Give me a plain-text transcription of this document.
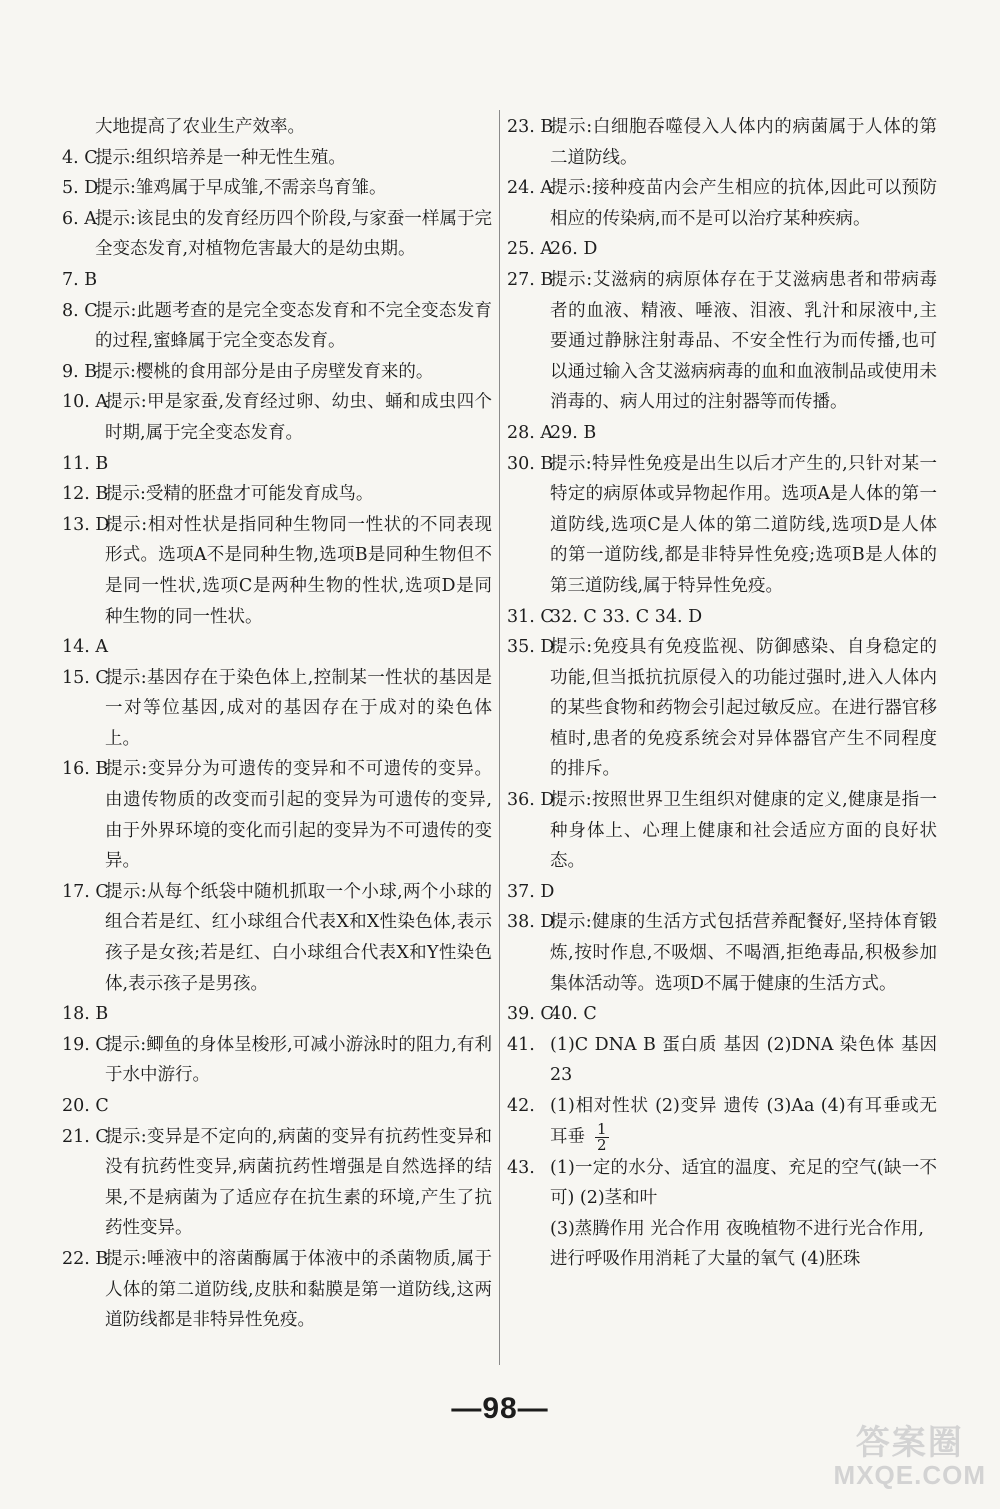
大地提高了农业生产效率。
4. C
提示:组织培养是一种无性生殖。
5. D
提示:雏鸡属于早成雏,不需亲鸟育雏。
6. A
提示:该昆虫的发育经历四个阶段,与家蚕一样属于完全变态发育,对植物危害最大的是幼虫期。
7. B
8. C
提示:此题考查的是完全变态发育和不完全变态发育的过程,蜜蜂属于完全变态发育。
9. B
提示:樱桃的食用部分是由子房壁发育来的。
10. A
提示:甲是家蚕,发育经过卵、幼虫、蛹和成虫四个时期,属于完全变态发育。
11. B
12. B
提示:受精的胚盘才可能发育成鸟。
13. D
提示:相对性状是指同种生物同一性状的不同表现形式。选项A不是同种生物,选项B是同种生物但不是同一性状,选项C是两种生物的性状,选项D是同种生物的同一性状。
14. A
15. C
提示:基因存在于染色体上,控制某一性状的基因是一对等位基因,成对的基因存在于成对的染色体上。
16. B
提示:变异分为可遗传的变异和不可遗传的变异。由遗传物质的改变而引起的变异为可遗传的变异,由于外界环境的变化而引起的变异为不可遗传的变异。
17. C
提示:从每个纸袋中随机抓取一个小球,两个小球的组合若是红、红小球组合代表X和X性染色体,表示孩子是女孩;若是红、白小球组合代表X和Y性染色体,表示孩子是男孩。
18. B
19. C
提示:鲫鱼的身体呈梭形,可减小游泳时的阻力,有利于水中游行。
20. C
21. C
提示:变异是不定向的,病菌的变异有抗药性变异和没有抗药性变异,病菌抗药性增强是自然选择的结果,不是病菌为了适应存在抗生素的环境,产生了抗药性变异。
22. B
提示:唾液中的溶菌酶属于体液中的杀菌物质,属于人体的第二道防线,皮肤和黏膜是第一道防线,这两道防线都是非特异性免疫。
23. B
提示:白细胞吞噬侵入人体内的病菌属于人体的第二道防线。
24. A
提示:接种疫苗内会产生相应的抗体,因此可以预防相应的传染病,而不是可以治疗某种疾病。
25. A
26. D
27. B
提示:艾滋病的病原体存在于艾滋病患者和带病毒者的血液、精液、唾液、泪液、乳汁和尿液中,主要通过静脉注射毒品、不安全性行为而传播,也可以通过输入含艾滋病病毒的血和血液制品或使用未消毒的、病人用过的注射器等而传播。
28. A
29. B
30. B
提示:特异性免疫是出生以后才产生的,只针对某一特定的病原体或异物起作用。选项A是人体的第一道防线,选项C是人体的第二道防线,选项D是人体的第一道防线,都是非特异性免疫;选项B是人体的第三道防线,属于特异性免疫。
31. C
32. C 33. C 34. D
35. D
提示:免疫具有免疫监视、防御感染、自身稳定的功能,但当抵抗抗原侵入的功能过强时,进入人体内的某些食物和药物会引起过敏反应。在进行器官移植时,患者的免疫系统会对异体器官产生不同程度的排斥。
36. D
提示:按照世界卫生组织对健康的定义,健康是指一种身体上、心理上健康和社会适应方面的良好状态。
37. D
38. D
提示:健康的生活方式包括营养配餐好,坚持体育锻炼,按时作息,不吸烟、不喝酒,拒绝毒品,积极参加集体活动等。选项D不属于健康的生活方式。
39. C
40. C
41. (1)C DNA B 蛋白质 基因 (2)DNA 染色体 基因 23
42. (1)相对性状 (2)变异 遗传 (3)Aa (4)有耳垂或无耳垂 $\frac{1}{2}$
43. (1)一定的水分、适宜的温度、充足的空气(缺一不可) (2)茎和叶
(3)蒸腾作用 光合作用 夜晚植物不进行光合作用,进行呼吸作用消耗了大量的氧气 (4)胚珠
—98—
答案圈
MXQE.COM
